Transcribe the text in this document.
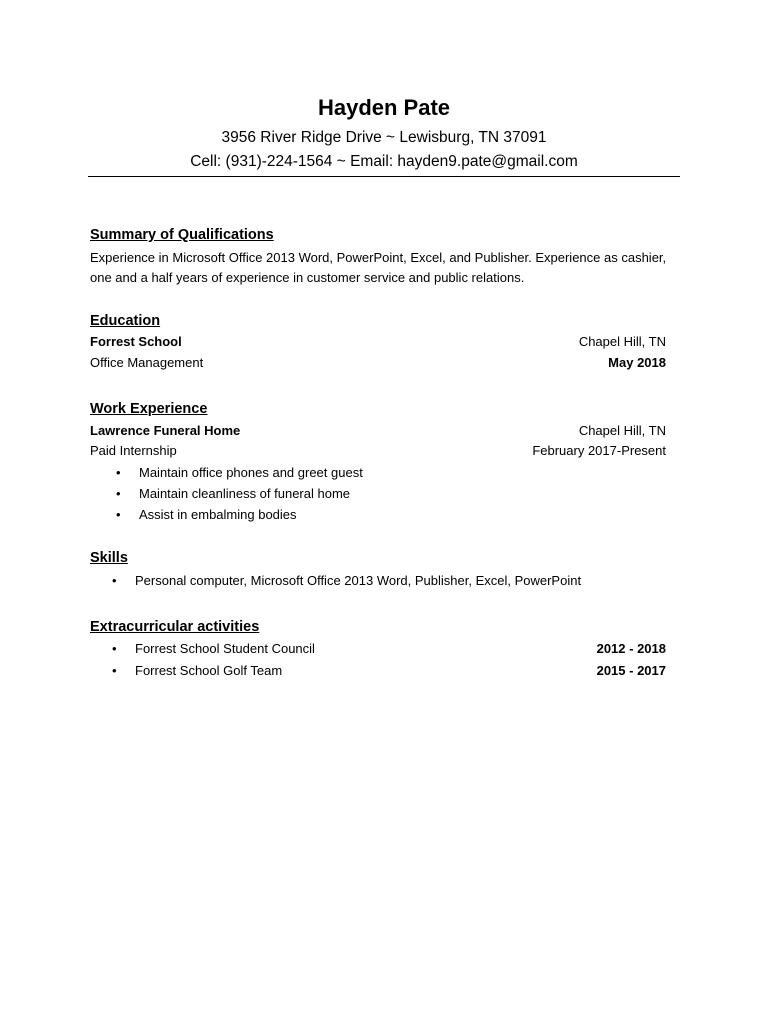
Hayden Pate
3956 River Ridge Drive ~ Lewisburg, TN 37091
Cell: (931)-224-1564 ~ Email: hayden9.pate@gmail.com
Summary of Qualifications
Experience in Microsoft Office 2013 Word, PowerPoint, Excel, and Publisher. Experience as cashier, one and a half years of experience in customer service and public relations.
Education
Forrest School	Chapel Hill, TN
Office Management	May 2018
Work Experience
Lawrence Funeral Home	Chapel Hill, TN
Paid Internship	February 2017-Present
• Maintain office phones and greet guest
• Maintain cleanliness of funeral home
• Assist in embalming bodies
Skills
• Personal computer, Microsoft Office 2013 Word, Publisher, Excel, PowerPoint
Extracurricular activities
• Forrest School Student Council	2012 - 2018
• Forrest School Golf Team	2015 - 2017
